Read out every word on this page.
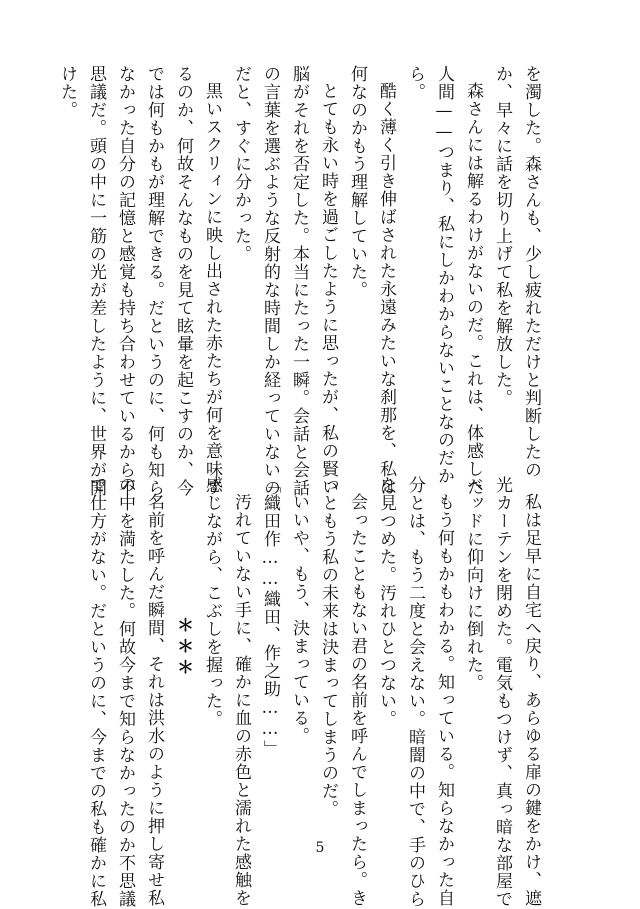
を濁した。森さんも、少し疲れただけと判断したの
か、早々に話を切り上げて私を解放した。
森さんには解るわけがないのだ。これは、体感した
人間——つまり、私にしかわからないことなのだか
ら。
酷く薄く引き伸ばされた永遠みたいな刹那を、私は
何なのかもう理解していた。
とても永い時を過ごしたように思ったが、私の賢い
脳がそれを否定した。本当にたった一瞬。会話と会話
の言葉を選ぶような反射的な時間しか経っていないの
だと、すぐに分かった。
黒いスクリィンに映し出された赤たちが何を意味す
るのか、何故そんなものを見て眩暈を起こすのか、今
では何もかもが理解できる。だというのに、何も知ら
なかった自分の記憶と感覚も持ち合わせているから不
思議だ。頭の中に一筋の光が差したように、世界が開
けた。
私は足早に自宅へ戻り、あらゆる扉の鍵をかけ、遮
光カーテンを閉めた。電気もつけず、真っ暗な部屋で
ベッドに仰向けに倒れた。
もう何もかもわかる。知っている。知らなかった自
分とは、もう二度と会えない。暗闇の中で、手のひら
を見つめた。汚れひとつない。
会ったこともない君の名前を呼んでしまったら。き
っともう私の未来は決まってしまうのだ。
いいや、もう、決まっている。
「織田作……織田、作之助……」
汚れていない手に、確かに血の赤色と濡れた感触を
感じながら、こぶしを握った。
＊＊＊
名前を呼んだ瞬間、それは洪水のように押し寄せ私
の中を満たした。何故今まで知らなかったのか不思議
で仕方がない。だというのに、今までの私も確かに私	5
